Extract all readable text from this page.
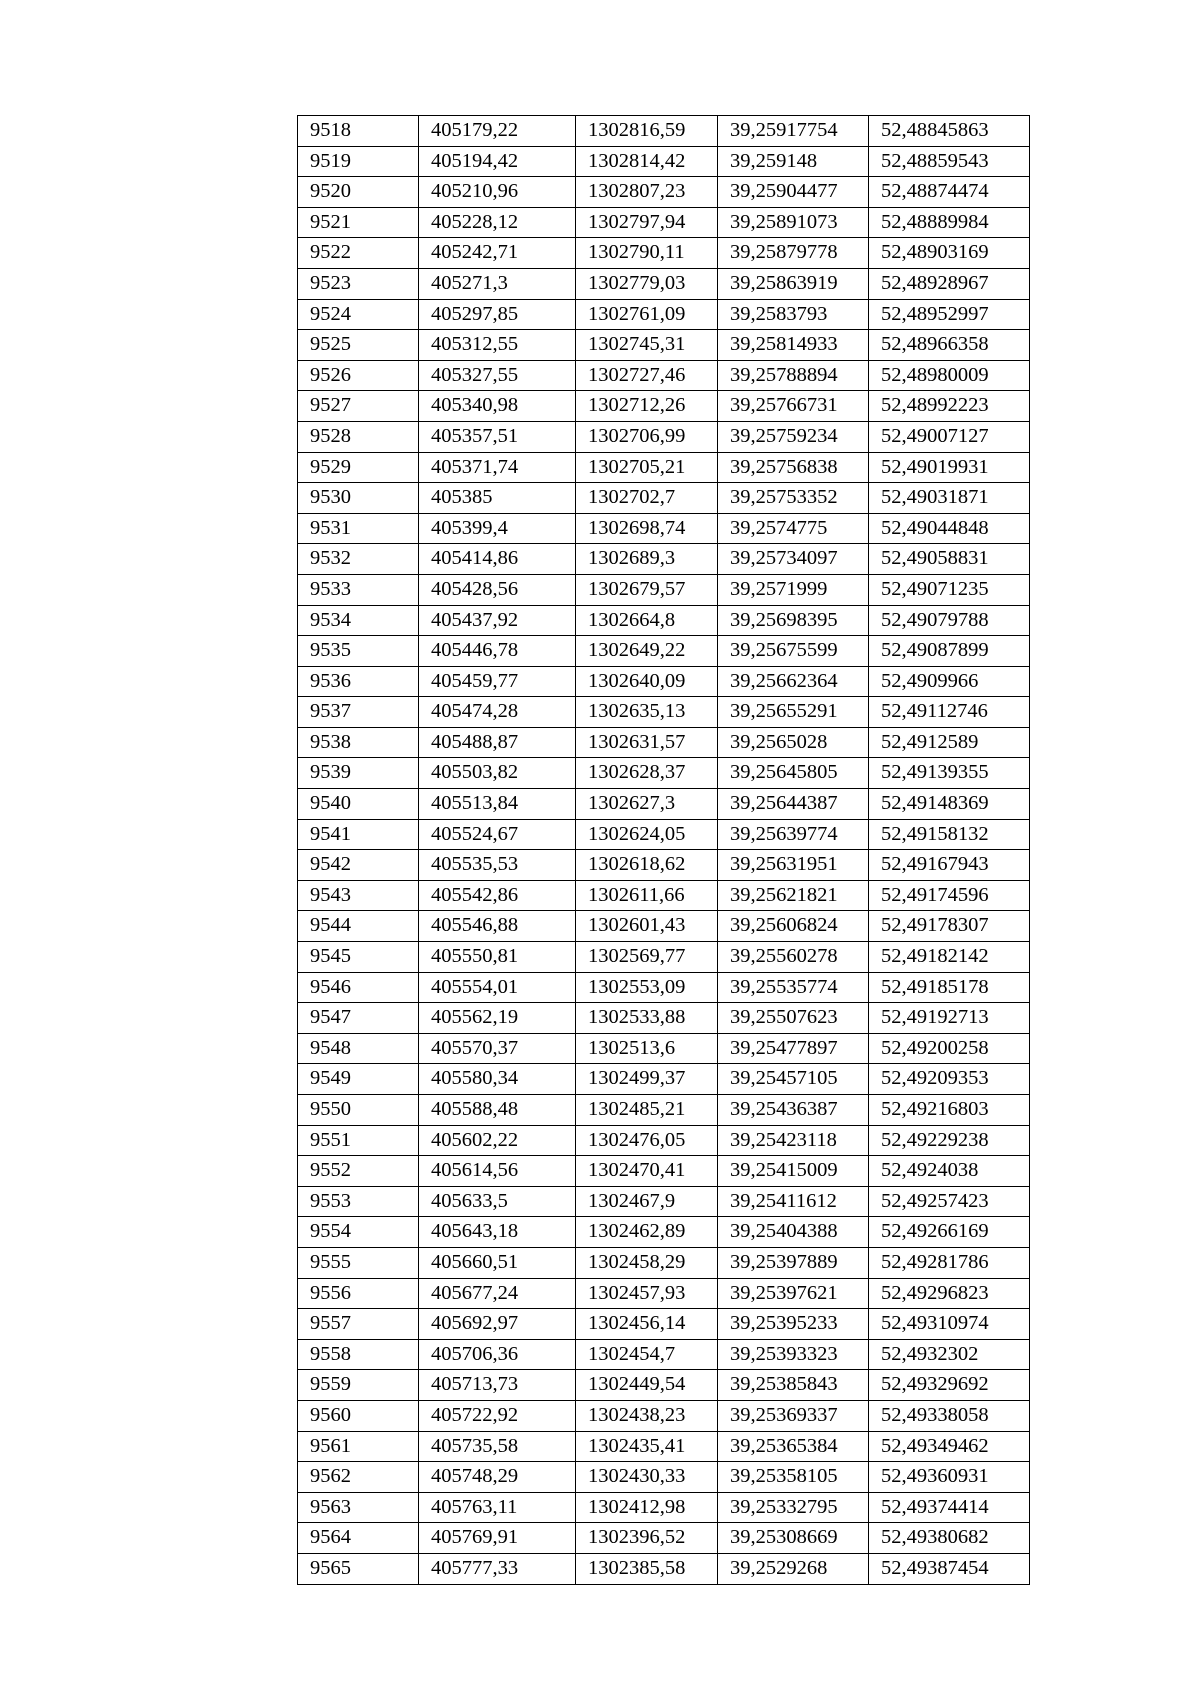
9518	405179,22	1302816,59	39,25917754	52,48845863
9519	405194,42	1302814,42	39,259148	52,48859543
9520	405210,96	1302807,23	39,25904477	52,48874474
9521	405228,12	1302797,94	39,25891073	52,48889984
9522	405242,71	1302790,11	39,25879778	52,48903169
9523	405271,3	1302779,03	39,25863919	52,48928967
9524	405297,85	1302761,09	39,2583793	52,48952997
9525	405312,55	1302745,31	39,25814933	52,48966358
9526	405327,55	1302727,46	39,25788894	52,48980009
9527	405340,98	1302712,26	39,25766731	52,48992223
9528	405357,51	1302706,99	39,25759234	52,49007127
9529	405371,74	1302705,21	39,25756838	52,49019931
9530	405385	1302702,7	39,25753352	52,49031871
9531	405399,4	1302698,74	39,2574775	52,49044848
9532	405414,86	1302689,3	39,25734097	52,49058831
9533	405428,56	1302679,57	39,2571999	52,49071235
9534	405437,92	1302664,8	39,25698395	52,49079788
9535	405446,78	1302649,22	39,25675599	52,49087899
9536	405459,77	1302640,09	39,25662364	52,4909966
9537	405474,28	1302635,13	39,25655291	52,49112746
9538	405488,87	1302631,57	39,2565028	52,4912589
9539	405503,82	1302628,37	39,25645805	52,49139355
9540	405513,84	1302627,3	39,25644387	52,49148369
9541	405524,67	1302624,05	39,25639774	52,49158132
9542	405535,53	1302618,62	39,25631951	52,49167943
9543	405542,86	1302611,66	39,25621821	52,49174596
9544	405546,88	1302601,43	39,25606824	52,49178307
9545	405550,81	1302569,77	39,25560278	52,49182142
9546	405554,01	1302553,09	39,25535774	52,49185178
9547	405562,19	1302533,88	39,25507623	52,49192713
9548	405570,37	1302513,6	39,25477897	52,49200258
9549	405580,34	1302499,37	39,25457105	52,49209353
9550	405588,48	1302485,21	39,25436387	52,49216803
9551	405602,22	1302476,05	39,25423118	52,49229238
9552	405614,56	1302470,41	39,25415009	52,4924038
9553	405633,5	1302467,9	39,25411612	52,49257423
9554	405643,18	1302462,89	39,25404388	52,49266169
9555	405660,51	1302458,29	39,25397889	52,49281786
9556	405677,24	1302457,93	39,25397621	52,49296823
9557	405692,97	1302456,14	39,25395233	52,49310974
9558	405706,36	1302454,7	39,25393323	52,4932302
9559	405713,73	1302449,54	39,25385843	52,49329692
9560	405722,92	1302438,23	39,25369337	52,49338058
9561	405735,58	1302435,41	39,25365384	52,49349462
9562	405748,29	1302430,33	39,25358105	52,49360931
9563	405763,11	1302412,98	39,25332795	52,49374414
9564	405769,91	1302396,52	39,25308669	52,49380682
9565	405777,33	1302385,58	39,2529268	52,49387454
